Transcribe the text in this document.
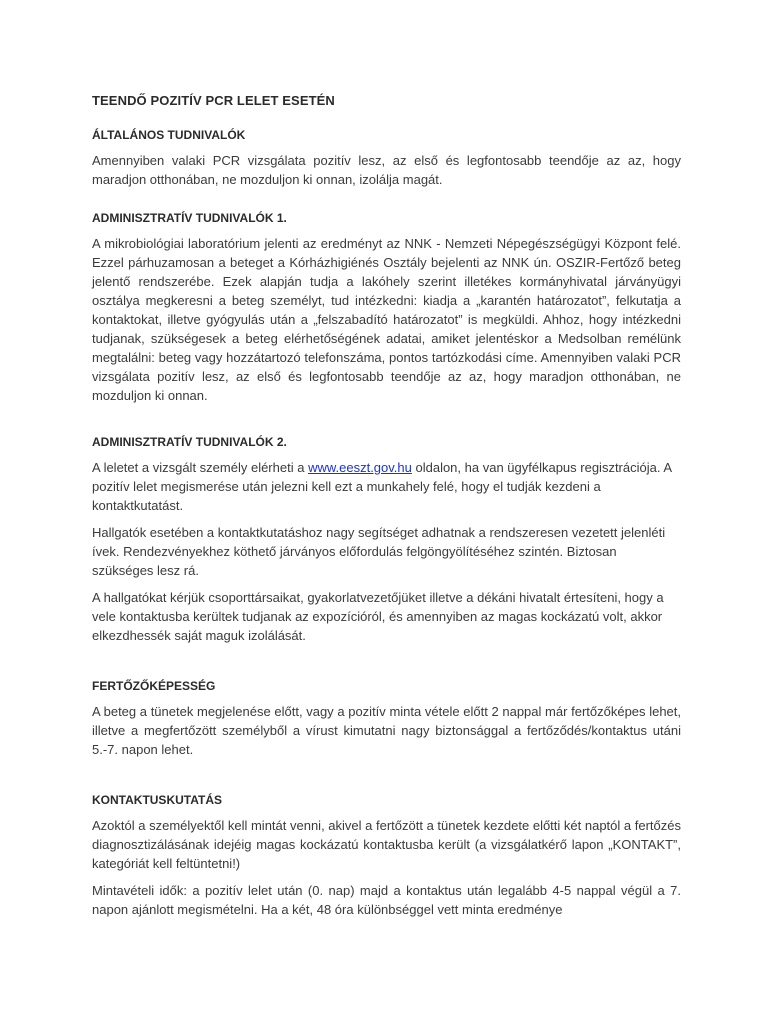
TEENDŐ POZITÍV PCR LELET ESETÉN
ÁLTALÁNOS TUDNIVALÓK
Amennyiben valaki PCR vizsgálata pozitív lesz, az első és legfontosabb teendője az az, hogy maradjon otthonában, ne mozduljon ki onnan, izolálja magát.
ADMINISZTRATÍV TUDNIVALÓK 1.
A mikrobiológiai laboratórium jelenti az eredményt az NNK - Nemzeti Népegészségügyi Központ felé. Ezzel párhuzamosan a beteget a Kórházhigiénés Osztály bejelenti az NNK ún. OSZIR-Fertőző beteg jelentő rendszerébe. Ezek alapján tudja a lakóhely szerint illetékes kormányhivatal járványügyi osztálya megkeresni a beteg személyt, tud intézkedni: kiadja a „karantén határozatot”, felkutatja a kontaktokat, illetve gyógyulás után a „felszabadító határozatot” is megküldi. Ahhoz, hogy intézkedni tudjanak, szükségesek a beteg elérhetőségének adatai, amiket jelentéskor a Medsolban remélünk megtalálni: beteg vagy hozzátartozó telefonszáma, pontos tartózkodási címe. Amennyiben valaki PCR vizsgálata pozitív lesz, az első és legfontosabb teendője az az, hogy maradjon otthonában, ne mozduljon ki onnan.
ADMINISZTRATÍV TUDNIVALÓK 2.
A leletet a vizsgált személy elérheti a www.eeszt.gov.hu oldalon, ha van ügyfélkapus regisztrációja. A pozitív lelet megismerése után jelezni kell ezt a munkahely felé, hogy el tudják kezdeni a kontaktkutatást.
Hallgatók esetében a kontaktkutatáshoz nagy segítséget adhatnak a rendszeresen vezetett jelenléti ívek. Rendezvényekhez köthető járványos előfordulás felgöngyölítéséhez szintén. Biztosan szükséges lesz rá.
A hallgatókat kérjük csoporttársaikat, gyakorlatvezetőjüket illetve a dékáni hivatalt értesíteni, hogy a vele kontaktusba kerültek tudjanak az expozícióról, és amennyiben az magas kockázatú volt, akkor elkezdhessék saját maguk izolálását.
FERTŐZŐKÉPESSÉG
A beteg a tünetek megjelenése előtt, vagy a pozitív minta vétele előtt 2 nappal már fertőzőképes lehet, illetve a megfertőzött személyből a vírust kimutatni nagy biztonsággal a fertőződés/kontaktus utáni 5.-7. napon lehet.
KONTAKTUSKUTATÁS
Azoktól a személyektől kell mintát venni, akivel a fertőzött a tünetek kezdete előtti két naptól a fertőzés diagnosztizálásának idejéig magas kockázatú kontaktusba került (a vizsgálatkérő lapon „KONTAKT”, kategóriát kell feltüntetni!)
Mintavételi idők: a pozitív lelet után (0. nap) majd a kontaktus után legalább 4-5 nappal végül a 7. napon ajánlott megismételni. Ha a két, 48 óra különbséggel vett minta eredménye
